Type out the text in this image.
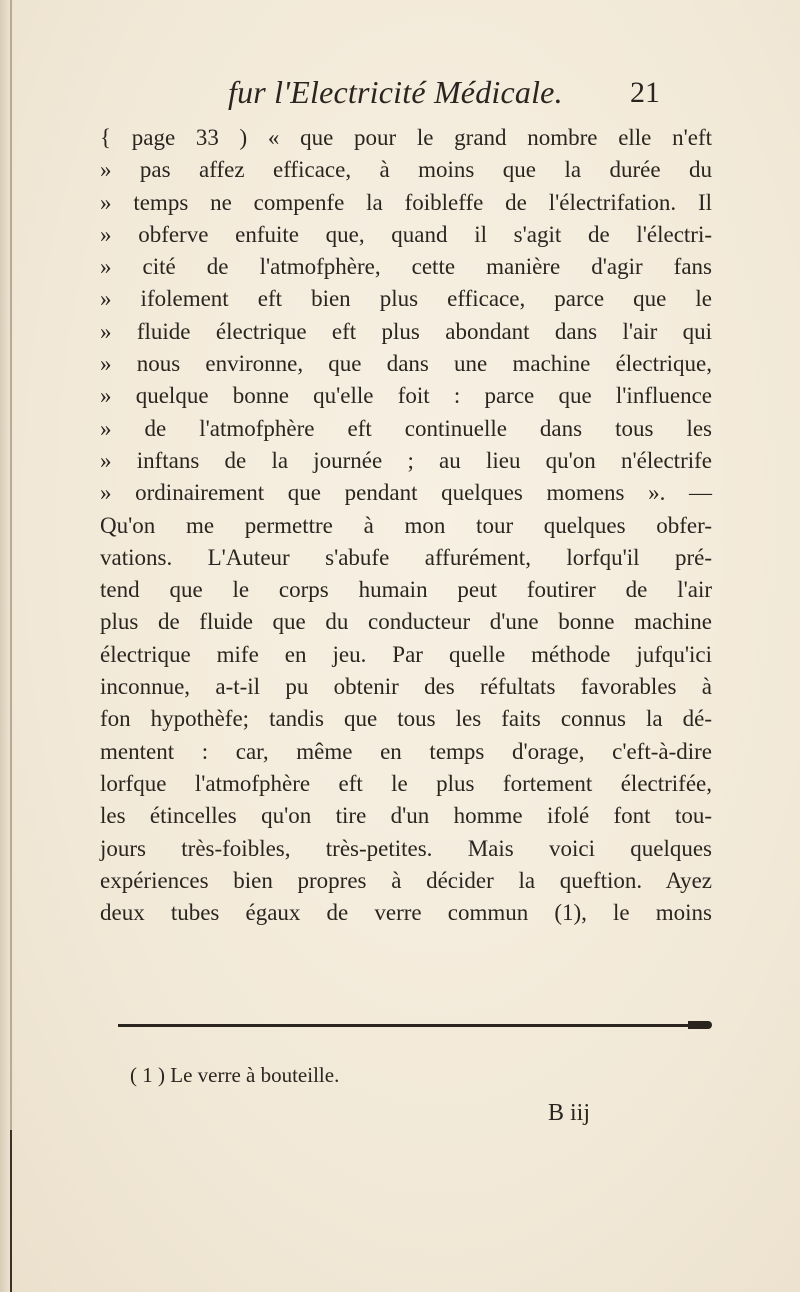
fur l'Electricité Médicale. 21
{ page 33 ) « que pour le grand nombre elle n'eft
» pas affez efficace, à moins que la durée du
» temps ne compenfe la foibleffe de l'électrifation. Il
» obferve enfuite que, quand il s'agit de l'électri-
» cité de l'atmofphère, cette manière d'agir fans
» ifolement eft bien plus efficace, parce que le
» fluide électrique eft plus abondant dans l'air qui
» nous environne, que dans une machine électrique,
» quelque bonne qu'elle foit : parce que l'influence
» de l'atmofphère eft continuelle dans tous les
» inftans de la journée ; au lieu qu'on n'électrife
» ordinairement que pendant quelques momens ». —
Qu'on me permettre à mon tour quelques obfer-
vations. L'Auteur s'abufe affurément, lorfqu'il pré-
tend que le corps humain peut foutirer de l'air
plus de fluide que du conducteur d'une bonne machine
électrique mife en jeu. Par quelle méthode jufqu'ici
inconnue, a-t-il pu obtenir des réfultats favorables à
fon hypothèfe; tandis que tous les faits connus la dé-
mentent : car, même en temps d'orage, c'eft-à-dire
lorfque l'atmofphère eft le plus fortement électrifée,
les étincelles qu'on tire d'un homme ifolé font tou-
jours très-foibles, très-petites. Mais voici quelques
expériences bien propres à décider la queftion. Ayez
deux tubes égaux de verre commun (1), le moins
( 1 ) Le verre à bouteille.
B iij
